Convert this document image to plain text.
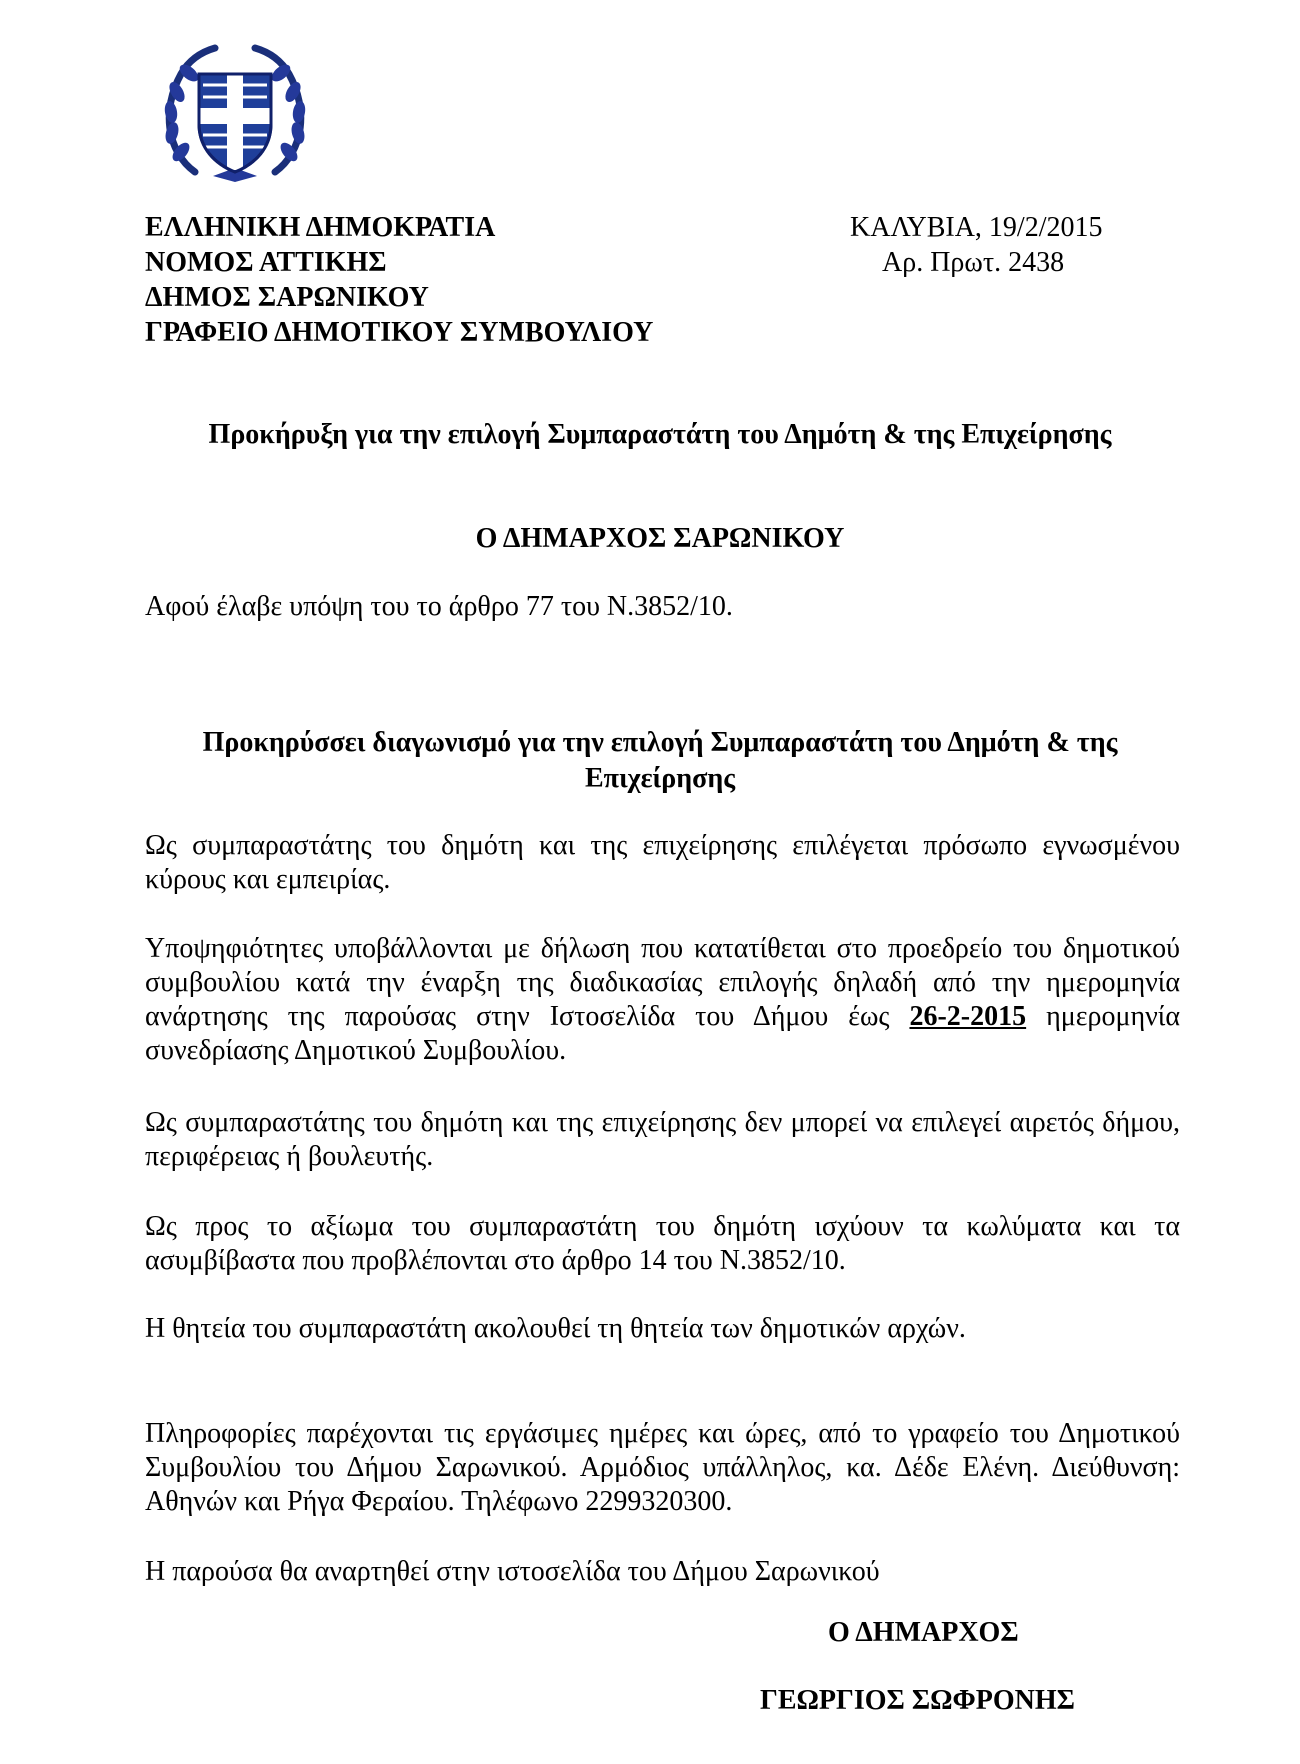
ΕΛΛΗΝΙΚΗ ΔΗΜΟΚΡΑΤΙΑ
ΝΟΜΟΣ ΑΤΤΙΚΗΣ
ΔΗΜΟΣ ΣΑΡΩΝΙΚΟΥ
ΓΡΑΦΕΙΟ ΔΗΜΟΤΙΚΟΥ ΣΥΜΒΟΥΛΙΟΥ
ΚΑΛΥΒΙΑ, 19/2/2015
Αρ. Πρωτ. 2438
Προκήρυξη για την επιλογή Συμπαραστάτη του Δημότη & της Επιχείρησης
Ο ΔΗΜΑΡΧΟΣ ΣΑΡΩΝΙΚΟΥ
Αφού έλαβε υπόψη του το άρθρο 77 του Ν.3852/10.
Προκηρύσσει διαγωνισμό για την επιλογή Συμπαραστάτη του Δημότη & της
Επιχείρησης
Ως συμπαραστάτης του δημότη και της επιχείρησης επιλέγεται πρόσωπο εγνωσμένου κύρους και εμπειρίας.
Υποψηφιότητες υποβάλλονται με δήλωση που κατατίθεται στο προεδρείο του δημοτικού συμβουλίου κατά την έναρξη της διαδικασίας επιλογής δηλαδή από την ημερομηνία ανάρτησης της παρούσας στην Ιστοσελίδα του Δήμου έως 26-2-2015 ημερομηνία συνεδρίασης Δημοτικού Συμβουλίου.
Ως συμπαραστάτης του δημότη και της επιχείρησης δεν μπορεί να επιλεγεί αιρετός δήμου, περιφέρειας ή βουλευτής.
Ως προς το αξίωμα του συμπαραστάτη του δημότη ισχύουν τα κωλύματα και τα ασυμβίβαστα που προβλέπονται στο άρθρο 14 του Ν.3852/10.
Η θητεία του συμπαραστάτη ακολουθεί τη θητεία των δημοτικών αρχών.
Πληροφορίες παρέχονται τις εργάσιμες ημέρες και ώρες, από το γραφείο του Δημοτικού Συμβουλίου του Δήμου Σαρωνικού. Αρμόδιος υπάλληλος, κα. Δέδε Ελένη. Διεύθυνση: Αθηνών και Ρήγα Φεραίου. Τηλέφωνο 2299320300.
Η παρούσα θα αναρτηθεί στην ιστοσελίδα του Δήμου Σαρωνικού
Ο ΔΗΜΑΡΧΟΣ
ΓΕΩΡΓΙΟΣ ΣΩΦΡΟΝΗΣ
